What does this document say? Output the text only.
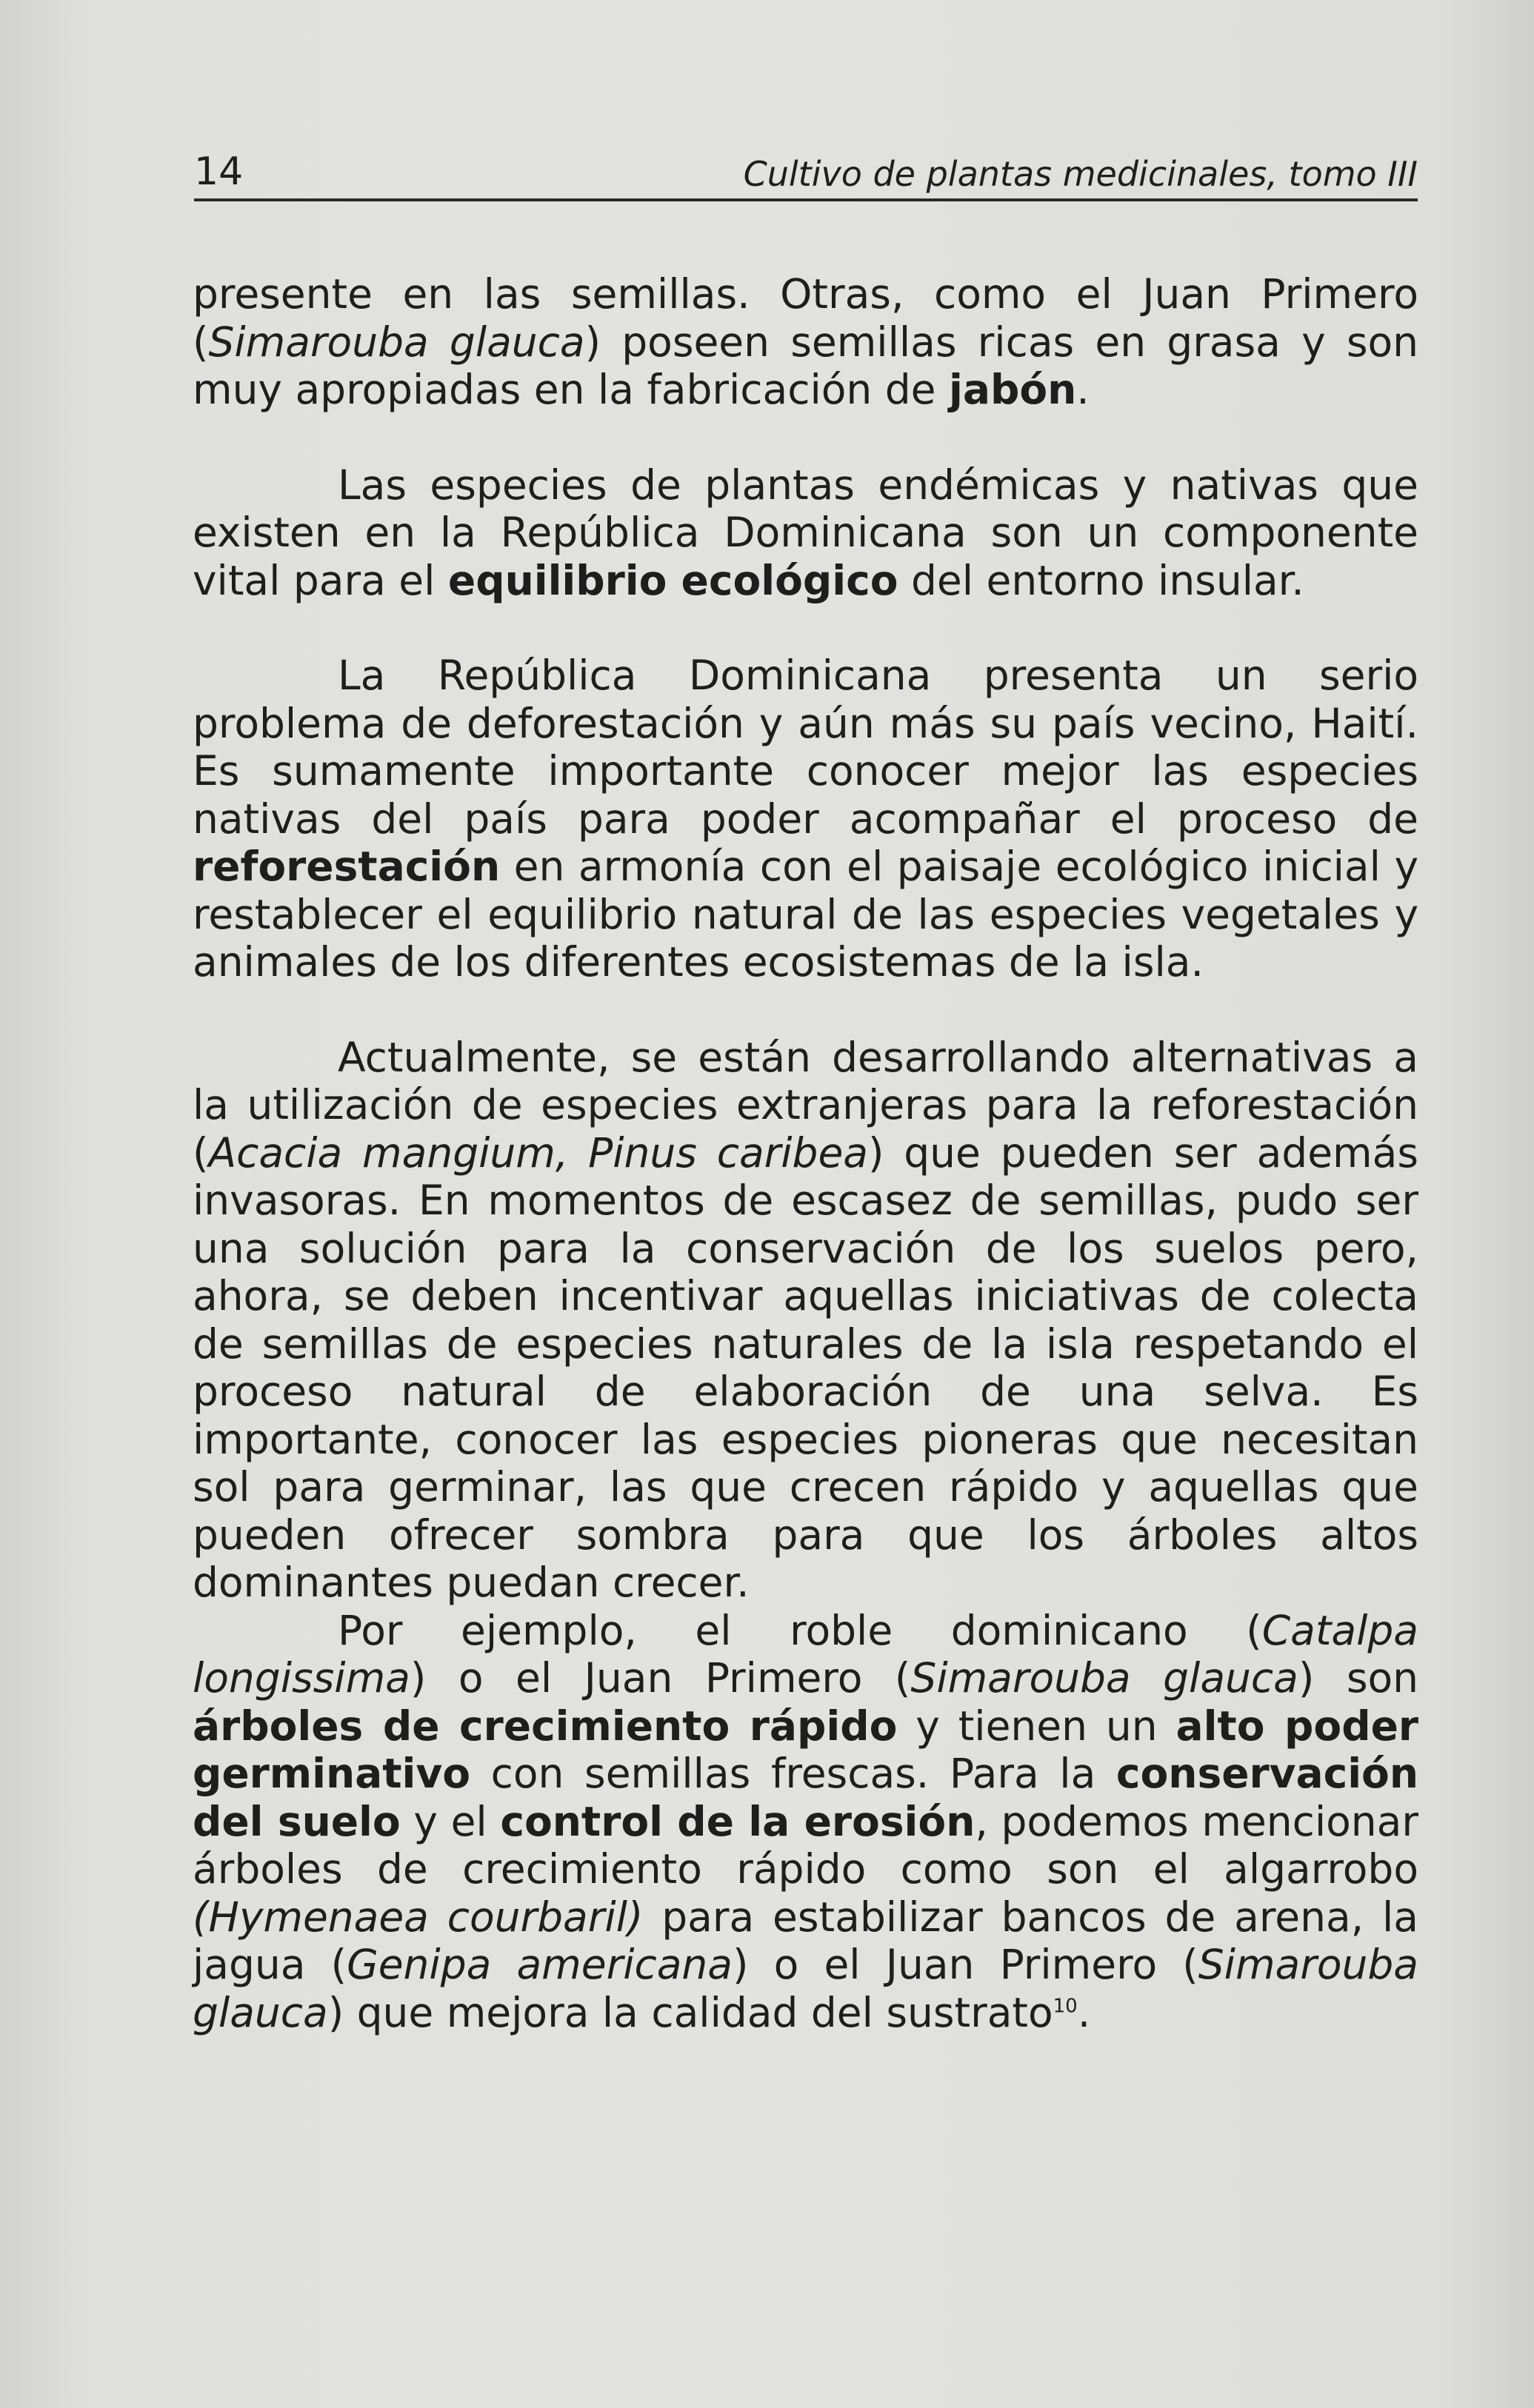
14	Cultivo de plantas medicinales, tomo III

presente en las semillas. Otras, como el Juan Primero (Simarouba glauca) poseen semillas ricas en grasa y son muy apropiadas en la fabricación de jabón.

Las especies de plantas endémicas y nativas que existen en la República Dominicana son un componente vital para el equilibrio ecológico del entorno insular.

La República Dominicana presenta un serio problema de deforestación y aún más su país vecino, Haití. Es sumamente importante conocer mejor las especies nativas del país para poder acompañar el proceso de reforestación en armonía con el paisaje ecológico inicial y restablecer el equilibrio natural de las especies vegetales y animales de los diferentes ecosistemas de la isla.

Actualmente, se están desarrollando alternativas a la utilización de especies extranjeras para la reforestación (Acacia mangium, Pinus caribea) que pueden ser además invasoras. En momentos de escasez de semillas, pudo ser una solución para la conservación de los suelos pero, ahora, se deben incentivar aquellas iniciativas de colecta de semillas de especies naturales de la isla respetando el proceso natural de elaboración de una selva. Es importante, conocer las especies pioneras que necesitan sol para germinar, las que crecen rápido y aquellas que pueden ofrecer sombra para que los árboles altos dominantes puedan crecer.

Por ejemplo, el roble dominicano (Catalpa longissima) o el Juan Primero (Simarouba glauca) son árboles de crecimiento rápido y tienen un alto poder germinativo con semillas frescas. Para la conservación del suelo y el control de la erosión, podemos mencionar árboles de crecimiento rápido como son el algarrobo (Hymenaea courbaril) para estabilizar bancos de arena, la jagua (Genipa americana) o el Juan Primero (Simarouba glauca) que mejora la calidad del sustrato$^{10}$.
